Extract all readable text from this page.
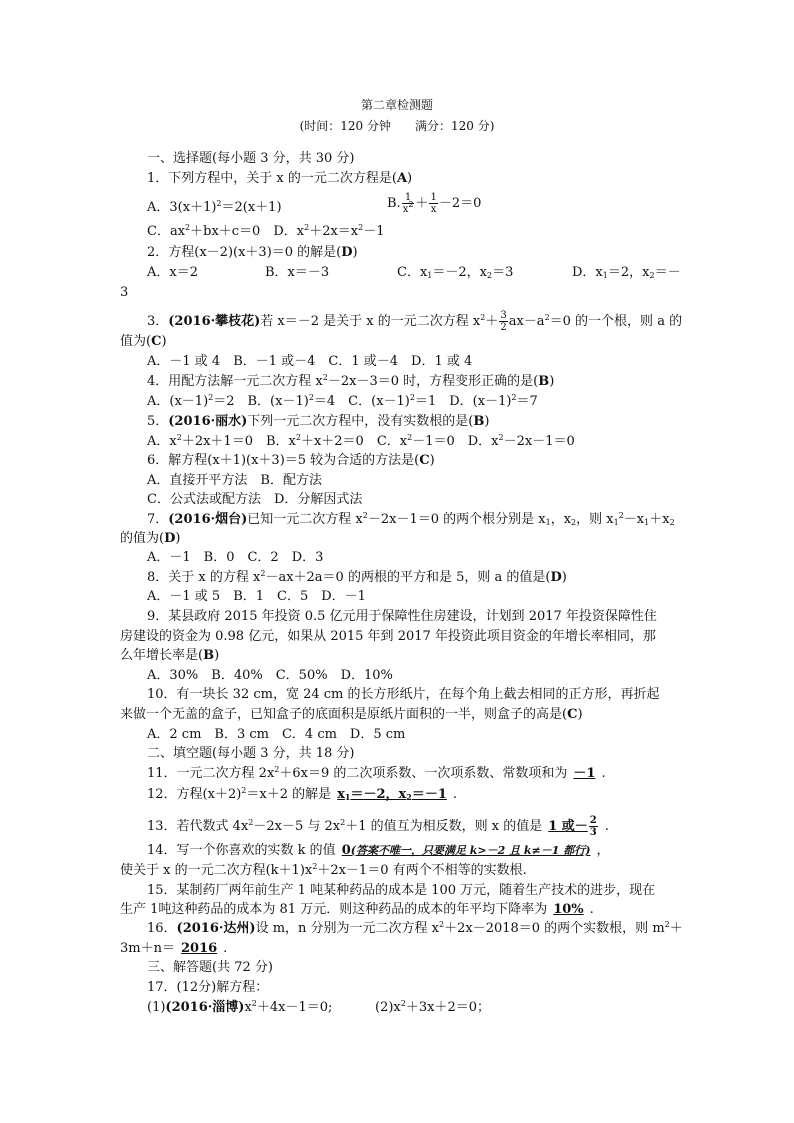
第二章检测题
(时间：120 分钟　　满分：120 分)
一、选择题(每小题 3 分，共 30 分)
1．下列方程中，关于 x 的一元二次方程是(A)
A．$3(x+1)^2=2(x+1)$	B. $\frac{1}{x^2} + \frac{1}{x} -2=0$
C．$ax^2+bx+c=0$　D．$x^2+2x=x^2-1$
2．方程(x－2)(x＋3)＝0 的解是(D)
A．x＝2	B．x＝－3	C．$x_1=-2$，$x_2=3$	D．$x_1=2$，$x_2=-$
3
3．(2016·攀枝花)若 x＝－2 是关于 x 的一元二次方程 $x^2+ \frac{3}{2} ax-a^2=0$ 的一个根，则 a 的
值为(C)
A．－1 或 4　B．－1 或－4　C．1 或－4　D．1 或 4
4．用配方法解一元二次方程 $x^2-2x-3=0$ 时，方程变形正确的是(B)
A．$(x-1)^2=2$　B．$(x-1)^2=4$　C．$(x-1)^2=1$　D．$(x-1)^2=7$
5．(2016·丽水)下列一元二次方程中，没有实数根的是(B)
A．$x^2+2x+1=0$　B．$x^2+x+2=0$　C．$x^2-1=0$　D．$x^2-2x-1=0$
6．解方程(x＋1)(x＋3)＝5 较为合适的方法是(C)
A．直接开平方法　B．配方法
C．公式法或配方法　D．分解因式法
7．(2016·烟台)已知一元二次方程 $x^2-2x-1=0$ 的两个根分别是 $x_1$，$x_2$，则 $x_1^2-x_1+x_2$
的值为(D)
A．－1　B．0　C．2　D．3
8．关于 x 的方程 $x^2-ax+2a=0$ 的两根的平方和是 5，则 a 的值是(D)
A．－1 或 5　B．1　C．5　D．－1
9．某县政府 2015 年投资 0.5 亿元用于保障性住房建设，计划到 2017 年投资保障性住
房建设的资金为 0.98 亿元，如果从 2015 年到 2017 年投资此项目资金的年增长率相同，那
么年增长率是(B)
A．30%　B．40%　C．50%　D．10%
10．有一块长 32 cm，宽 24 cm 的长方形纸片，在每个角上截去相同的正方形，再折起
来做一个无盖的盒子，已知盒子的底面积是原纸片面积的一半，则盒子的高是(C)
A．2 cm　B．3 cm　C．4 cm　D．5 cm
二、填空题(每小题 3 分，共 18 分)
11．一元二次方程 $2x^2+6x=9$ 的二次项系数、一次项系数、常数项和为 －1 .
12．方程$(x+2)^2=x+2$ 的解是 $x_1=-2$，$x_2=-1$ .
13．若代数式 $4x^2-2x-5$ 与 $2x^2+1$ 的值互为相反数，则 x 的值是 1 或－ $\frac{2}{3}$ .
14．写一个你喜欢的实数 k 的值 0(答案不唯一，只要满足 k>－2 且 k≠－1 都行) ，
使关于 x 的一元二次方程$(k+1)x^2+2x-1=0$ 有两个不相等的实数根.
15．某制药厂两年前生产 1 吨某种药品的成本是 100 万元，随着生产技术的进步，现在
生产 1吨这种药品的成本为 81 万元．则这种药品的成本的年平均下降率为 10% .
16．(2016·达州)设 m，n 分别为一元二次方程 $x^2+2x-2018=0$ 的两个实数根，则 $m^2+$
3m＋n＝ 2016 .
三、解答题(共 72 分)
17．(12分)解方程：
(1)(2016·淄博)$x^2+4x-1=0$;	$(2)x^2+3x+2=0$；
